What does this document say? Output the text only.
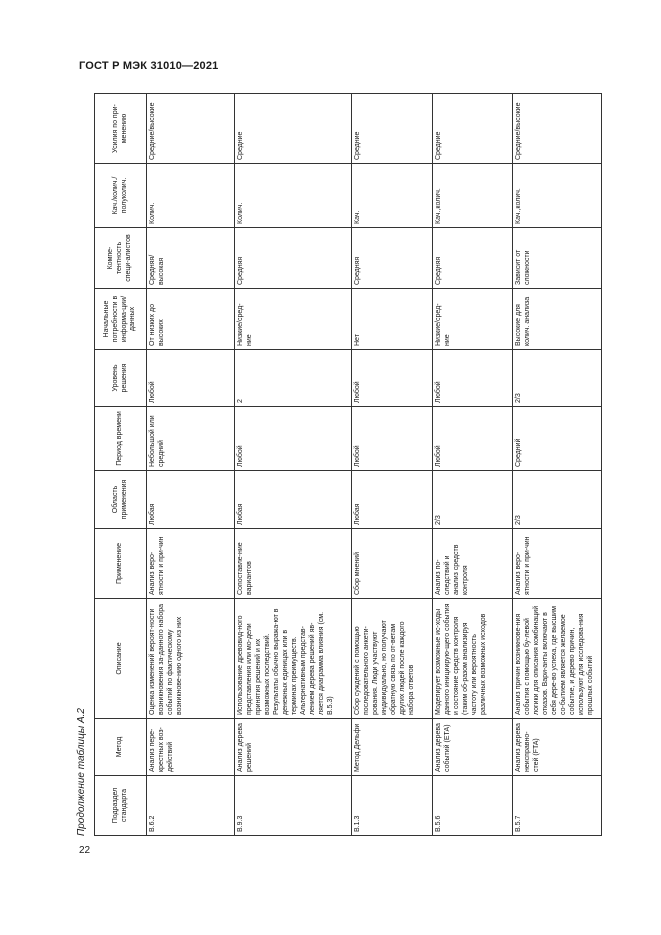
ГОСТ Р МЭК 31010—2021
Продолжение таблицы А.2	Подраздел стандарта	Метод	Описание	Применение	Область применения	Период времени	Уровень решения	Начальные потребности в информа-ции/данных	Компе-тентность специ-алистов	Кач./колич./полуколич.	Усилия по при-менению
В.6.2	Анализ пере-крестных воз-действий	Оценка изменений вероят-ности возникновения за-данного набора событий по фактическому возникнове-нию одного из них	Анализ веро-ятности и при-чин	Любая	Небольшой или средний	Любой	От низких до высоких	Средняя/высокая	Колич.	Средние/высокие
В.9.3	Анализ дерева решений	Использование древовид-ного представления или мо-дели принятия решений и их возможных последствий. Результаты обычно выража-ют в денежных единицах или в терминах преимуществ. Альтернативным представ-лением дерева решений яв-ляется диаграмма влияния (см. В.5.3)	Сопоставле-ние вариантов	Любая	Любой	2	Низкие/сред-ние	Средняя	Колич.	Средние
В.1.3	Метод Дельфи	Сбор суждений с помощью последовательного анкети-рования. Люди участвуют индивидуально, но получают обратную связь по от-ветам других людей после каждого набора ответов	Сбор мнений	Любая	Любой	Любой	Нет	Средняя	Кач.	Средние
В.5.6	Анализ дерева событий (ЕТА)	Моделирует возможные ис-ходы данного инициирую-щего события и состояние средств контроля (таким об-разом анализируя частоту или вероятность различных возможных исходов	Анализ по-следствий и анализ средств контроля	2/3	Любой	Любой	Низкие/сред-ние	Средняя	Кач.,колич.	Средние
В.5.7	Анализ дерева неисправно-стей (FTA)	Анализ причин возникнове-ния события с помощью бу-левой логики для описания комбинаций отказов. Вари-анты включают в себя дере-во успеха, где высшим со-бытием является желаемое событие, и дерево причин, используют для исследова-ния прошлых событий	Анализ веро-ятности и при-чин	2/3	Средний	2/3	Высокие для колич. анализа	Зависит от сложности	Кач.,колич.	Средние/высокие
22
